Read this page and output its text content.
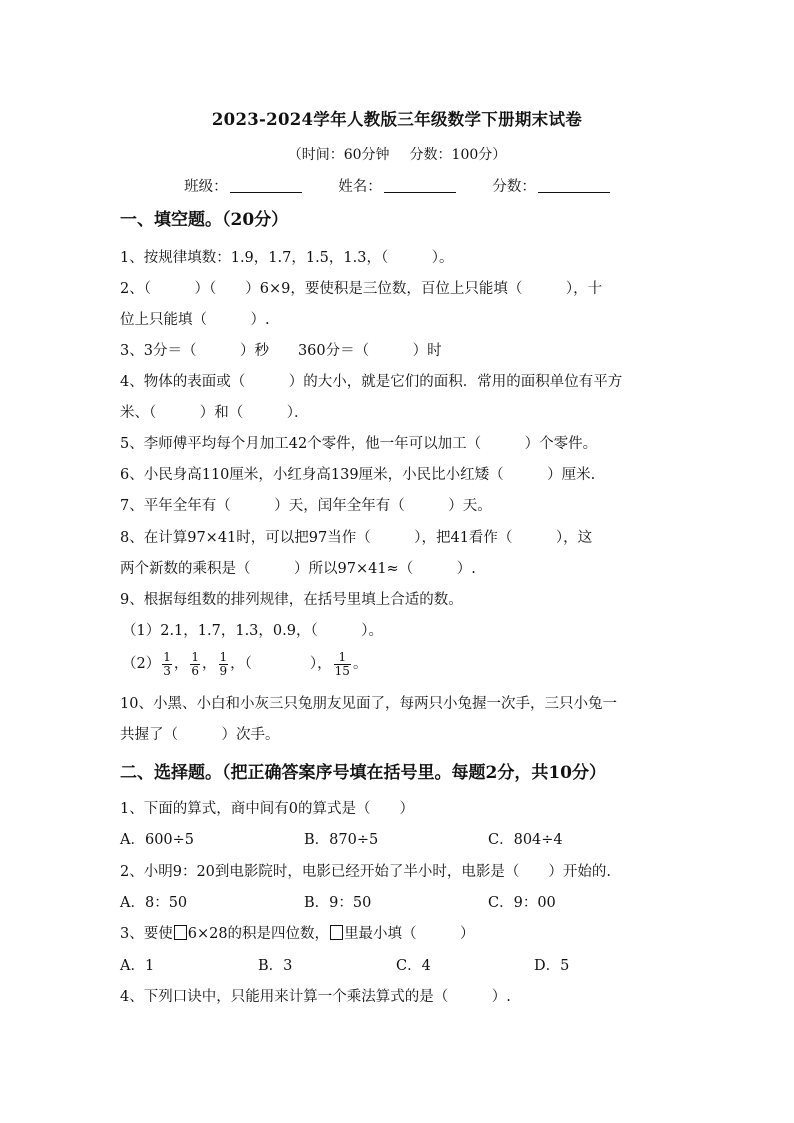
2023-2024学年人教版三年级数学下册期末试卷
（时间：60分钟 分数：100分）
班级：	姓名：	分数：
一、填空题。（20分）
1、按规律填数：1.9，1.7，1.5，1.3，（　　　）。
2、（　　　）（　　）6×9，要使积是三位数，百位上只能填（　　　），十
位上只能填（　　　）.
3、3分＝（　　　）秒　　360分＝（　　　）时
4、物体的表面或（　　　）的大小，就是它们的面积．常用的面积单位有平方
米、（　　　）和（　　　）．
5、李师傅平均每个月加工42个零件，他一年可以加工（　　　）个零件。
6、小民身高110厘米，小红身高139厘米，小民比小红矮（　　　）厘米.
7、平年全年有（　　　）天，闰年全年有（　　　）天。
8、在计算97×41时，可以把97当作（　　　），把41看作（　　　），这
两个新数的乘积是（　　　）所以97×41≈（　　　）.
9、根据每组数的排列规律，在括号里填上合适的数。
（1）2.1，1.7，1.3，0.9，（　　　）。
$(2) \frac{1}{3}$ ， $\frac{1}{6}$ ， $\frac{1}{9}$ ，（　　　　）， $\frac{1}{15}$ 。
10、小黑、小白和小灰三只兔朋友见面了，每两只小兔握一次手，三只小兔一
共握了（　　　）次手。
二、选择题。（把正确答案序号填在括号里。每题2分，共10分）
1、下面的算式，商中间有0的算式是（　　）
A．600÷5	B．870÷5	C．804÷4
2、小明9：20到电影院时，电影已经开始了半小时，电影是（　　）开始的.
A．8：50	B．9：50	C．9：00
3、要使 6×28的积是四位数， 里最小填（　　　）
A．1	B．3	C．4	D．5
4、下列口诀中，只能用来计算一个乘法算式的是（　　　）.
